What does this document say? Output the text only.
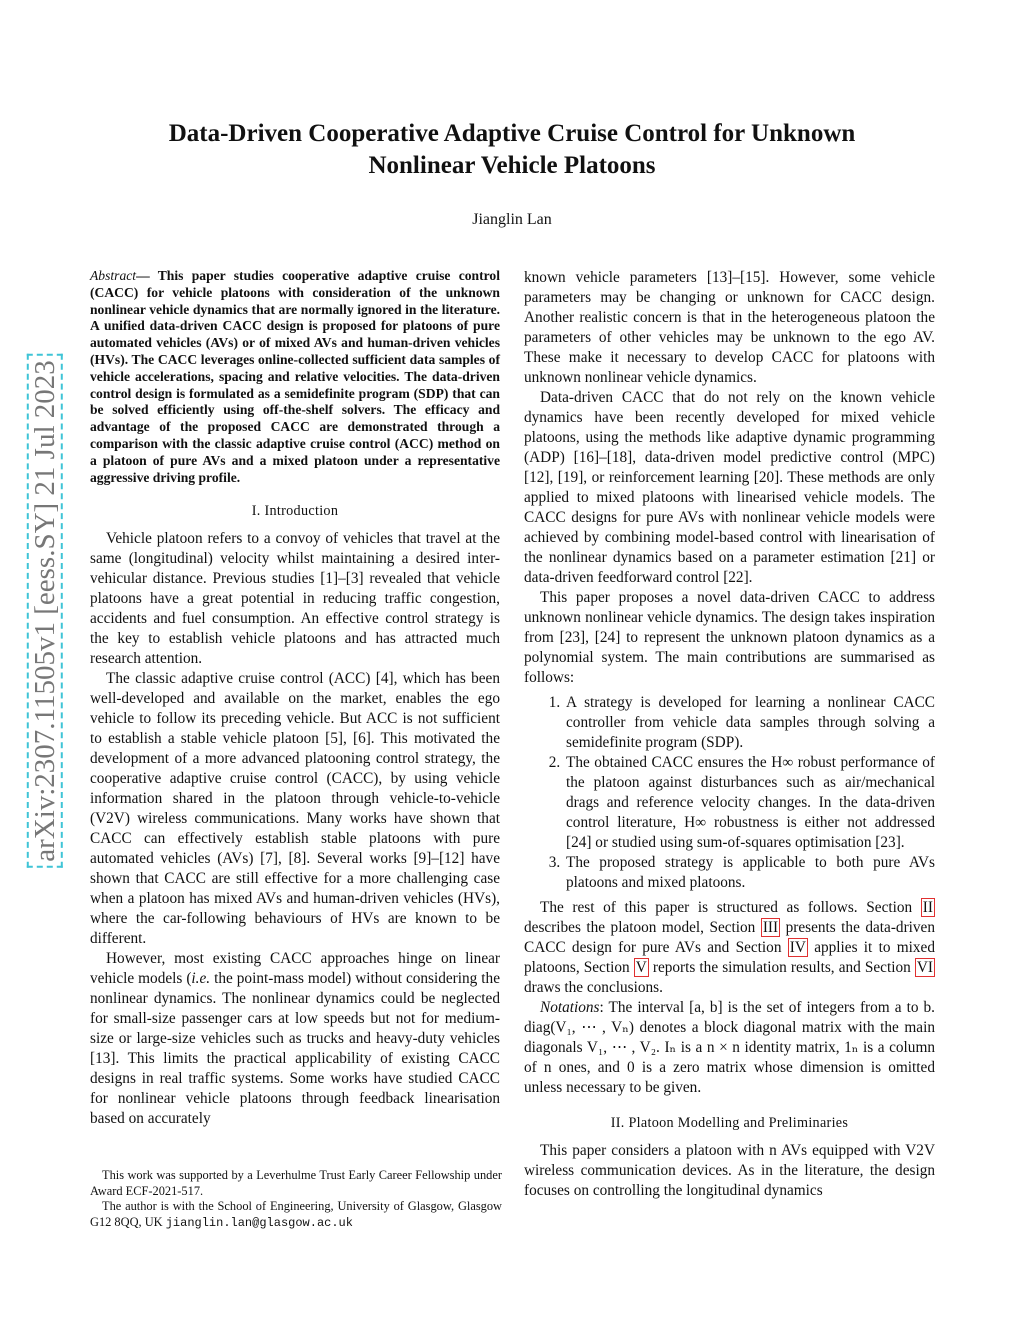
arXiv:2307.11505v1 [eess.SY] 21 Jul 2023
Data-Driven Cooperative Adaptive Cruise Control for Unknown Nonlinear Vehicle Platoons
Jianglin Lan
Abstract— This paper studies cooperative adaptive cruise control (CACC) for vehicle platoons with consideration of the unknown nonlinear vehicle dynamics that are normally ignored in the literature. A unified data-driven CACC design is proposed for platoons of pure automated vehicles (AVs) or of mixed AVs and human-driven vehicles (HVs). The CACC leverages online-collected sufficient data samples of vehicle accelerations, spacing and relative velocities. The data-driven control design is formulated as a semidefinite program (SDP) that can be solved efficiently using off-the-shelf solvers. The efficacy and advantage of the proposed CACC are demonstrated through a comparison with the classic adaptive cruise control (ACC) method on a platoon of pure AVs and a mixed platoon under a representative aggressive driving profile.
I. Introduction

Vehicle platoon refers to a convoy of vehicles that travel at the same (longitudinal) velocity whilst maintaining a desired inter-vehicular distance. Previous studies [1]–[3] revealed that vehicle platoons have a great potential in reducing traffic congestion, accidents and fuel consumption. An effective control strategy is the key to establish vehicle platoons and has attracted much research attention.

The classic adaptive cruise control (ACC) [4], which has been well-developed and available on the market, enables the ego vehicle to follow its preceding vehicle. But ACC is not sufficient to establish a stable vehicle platoon [5], [6]. This motivated the development of a more advanced platooning control strategy, the cooperative adaptive cruise control (CACC), by using vehicle information shared in the platoon through vehicle-to-vehicle (V2V) wireless communications. Many works have shown that CACC can effectively establish stable platoons with pure automated vehicles (AVs) [7], [8]. Several works [9]–[12] have shown that CACC are still effective for a more challenging case when a platoon has mixed AVs and human-driven vehicles (HVs), where the car-following behaviours of HVs are known to be different.

However, most existing CACC approaches hinge on linear vehicle models (i.e. the point-mass model) without considering the nonlinear dynamics. The nonlinear dynamics could be neglected for small-size passenger cars at low speeds but not for medium-size or large-size vehicles such as trucks and heavy-duty vehicles [13]. This limits the practical applicability of existing CACC designs in real traffic systems. Some works have studied CACC for nonlinear vehicle platoons through feedback linearisation based on accurately

This work was supported by a Leverhulme Trust Early Career Fellowship under Award ECF-2021-517.

The author is with the School of Engineering, University of Glasgow, Glasgow G12 8QQ, UK jianglin.lan@glasgow.ac.uk

known vehicle parameters [13]–[15]. However, some vehicle parameters may be changing or unknown for CACC design. Another realistic concern is that in the heterogeneous platoon the parameters of other vehicles may be unknown to the ego AV. These make it necessary to develop CACC for platoons with unknown nonlinear vehicle dynamics.

Data-driven CACC that do not rely on the known vehicle dynamics have been recently developed for mixed vehicle platoons, using the methods like adaptive dynamic programming (ADP) [16]–[18], data-driven model predictive control (MPC) [12], [19], or reinforcement learning [20]. These methods are only applied to mixed platoons with linearised vehicle models. The CACC designs for pure AVs with nonlinear vehicle models were achieved by combining model-based control with linearisation of the nonlinear dynamics based on a parameter estimation [21] or data-driven feedforward control [22].

This paper proposes a novel data-driven CACC to address unknown nonlinear vehicle dynamics. The design takes inspiration from [23], [24] to represent the unknown platoon dynamics as a polynomial system. The main contributions are summarised as follows:

1. A strategy is developed for learning a nonlinear CACC controller from vehicle data samples through solving a semidefinite program (SDP).
2. The obtained CACC ensures the H∞ robust performance of the platoon against disturbances such as air/mechanical drags and reference velocity changes. In the data-driven control literature, H∞ robustness is either not addressed [24] or studied using sum-of-squares optimisation [23].
3. The proposed strategy is applicable to both pure AVs platoons and mixed platoons.

The rest of this paper is structured as follows. Section II describes the platoon model, Section III presents the data-driven CACC design for pure AVs and Section IV applies it to mixed platoons, Section V reports the simulation results, and Section VI draws the conclusions.

Notations: The interval [a, b] is the set of integers from a to b. diag(V₁, ⋯ , Vₙ) denotes a block diagonal matrix with the main diagonals V₁, ⋯ , V₂. Iₙ is a n × n identity matrix, 1ₙ is a column of n ones, and 0 is a zero matrix whose dimension is omitted unless necessary to be given.

II. Platoon Modelling and Preliminaries

This paper considers a platoon with n AVs equipped with V2V wireless communication devices. As in the literature, the design focuses on controlling the longitudinal dynamics
